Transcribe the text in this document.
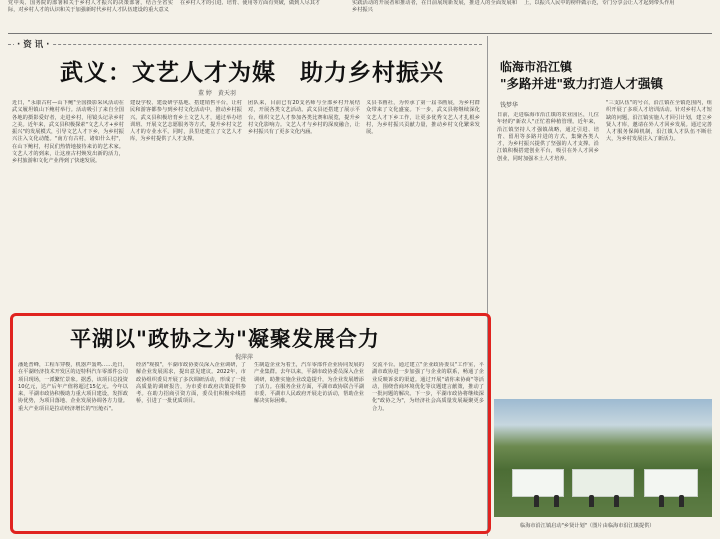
党中央、国务院的部署和关于乡村人才振兴的决策部署，结合全省实际，对乡村人才的认识和关于加强新时代乡村人才队伍建设的重大意义
在乡村人才的引进、培育、使用等方面有突破，做到人尽其才	实践活动的开展者和推动者，在日前展现新发展，推进人的全面发展和乡村振兴
上，以振兴人民中的榜样做示范，专门分享会让人才起到带头作用
· 资 讯 ·
武义：文艺人才为媒　助力乡村振兴
董 婷　黄天羽
近日，"永康古村—山下鲍"全国摄影采风活动在武义履坦镇山下鲍村举行。活动吸引了来自全国各地的摄影爱好者，走进乡村，用镜头记录乡村之美。近年来，武义县积极探索"文艺人才+乡村振兴"的发展模式，引导文艺人才下乡，为乡村振兴注入文化动能。"南方有古村，诸如什么村"，在山下鲍村，村民们热情地接待来访的艺术家。文艺人才的到来，让这座古村焕发出新的活力，乡村旅游和文化产业得到了快速发展。
建设学校、建设研学基地、搭建销售平台，让村民和游客都参与到乡村文化活动中，推动乡村振兴。武义县积极培育乡土文艺人才，通过举办培训班、开展文艺志愿服务等方式，提升乡村文艺人才的专业水平。同时，县里还建立了文艺人才库，为乡村提供了人才支撑。
团队来，目前已有20支名师与全部乡村开展结对，开展各类文艺活动。武义县还搭建了展示平台，组织文艺人才参加各类比赛和展览，提升乡村文化影响力。文艺人才与乡村的深度融合，让乡村振兴有了更多文化内涵。
义县书画社，为传承了第一届书画展，为乡村群众带来了文化盛宴。下一步，武义县将继续深化文艺人才下乡工作，让更多优秀文艺人才扎根乡村，为乡村振兴贡献力量，推动乡村文化繁荣发展。
平湖以"政协之为"凝聚发展合力
倪萍萍
潘延普峰，工程车穿梭，机器声轰鸣……近日，在平湖经济技术开发区的迈特科汽车零部件公司项目现场，一派繁忙景象。据悉，该项目总投资10亿元，达产后年产值将超过15亿元。今年以来，平湖市政协积极助力重大项目建设，发挥政协优势，为项目落地、企业发展协调各方力量。重大产业项目是拉动经济增长的"压舱石"。
经济"观摸"，平湖市政协委员深入企业调研，了解企业发展需求，提出意见建议。2022年，市政协组织委员开展了多次调研活动，形成了一批高质量的调研报告，为市委市政府决策提供参考。在助力招商引资方面，委员们积极牵线搭桥，引进了一批优质项目。
生制造企业为着王，汽车零部件企业协同发展的产业集群。去年以来，平湖市政协委员深入企业调研，助推实施企业改造提升，为企业发展增添了活力。在服务企业方面，平湖市政协联合平湖市委、平湖市人民政府开展走访活动，帮助企业解决实际困难。
交流平台。通过建立"企业政协委员"工作室，平湖市政协进一步加强了与企业的联系，畅通了企业反映诉求的渠道。通过开展"请你来协商"等活动，围绕营商环境优化等议题建言献策，推动了一批问题的解决。下一步，平湖市政协将继续深化"政协之为"，为经济社会高质量发展凝聚更多合力。
临海市沿江镇
"多路并进"致力打造人才强镇
钱梦华
日前，走进临海市沿江镇的农业园区，几位年轻的"新农人"正忙着种植管理。近年来，沿江镇坚持人才强镇战略，通过引进、培育、留用等多路并进的方式，集聚各类人才，为乡村振兴提供了坚强的人才支撑。沿江镇积极搭建创业平台，吸引在外人才回乡创业，同时加强本土人才培养。
"三支队伍"的号召，沿江镇在全镇范围内，组织开展了多项人才培训活动。针对乡村人才短缺的问题，沿江镇实施人才回引计划，建立乡贤人才库，邀请在外人才回乡发展。通过完善人才服务保障机制，沿江镇人才队伍不断壮大，为乡村发展注入了新活力。
临海市沿江镇启动"乡贤计划"（图片由临海市沿江镇提供）
